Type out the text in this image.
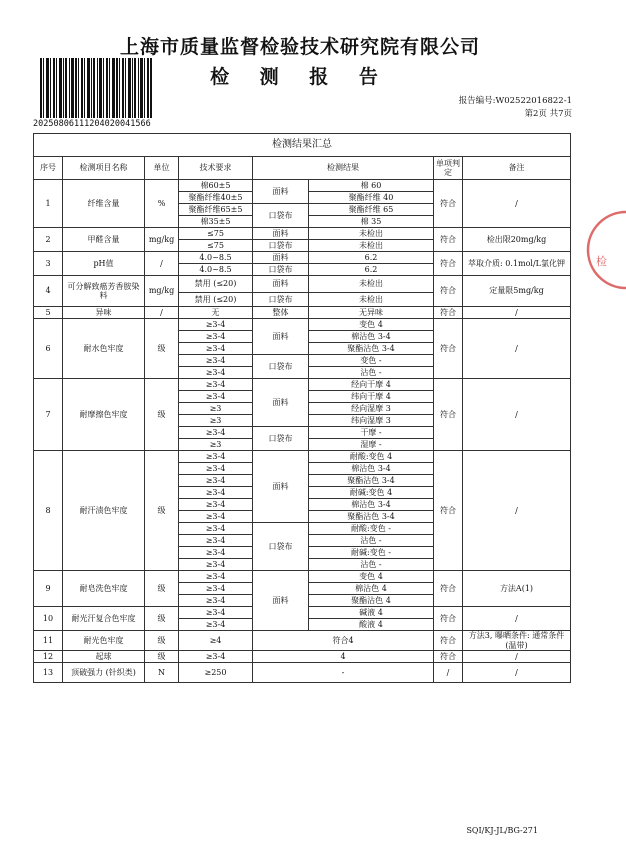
上海市质量监督检验技术研究院有限公司
检 测 报 告
20250806111204020041566
报告编号:W02522016822-1
第2页 共7页
检
检测结果汇总							
序号	检测项目名称	单位	技术要求	检测结果		单项判定	备注
1	纤维含量	%	棉60±5	面料	棉 60	符合	/
			聚酯纤维40±5		聚酯纤维 40		
			聚酯纤维65±5	口袋布	聚酯纤维 65		
			棉35±5		棉 35		
2	甲醛含量	mg/kg	≤75	面料	未检出	符合	检出限20mg/kg
			≤75	口袋布	未检出		
3	pH值	/	4.0~8.5	面料	6.2	符合	萃取介质: 0.1mol/L氯化钾
			4.0~8.5	口袋布	6.2		
4	可分解致癌芳香胺染料	mg/kg	禁用 (≤20)	面料	未检出	符合	定量限5mg/kg
			禁用 (≤20)	口袋布	未检出		
5	异味	/	无	整体	无异味	符合	/
6	耐水色牢度	级	≥3-4	面料	变色 4	符合	/
			≥3-4		棉沾色 3-4		
			≥3-4		聚酯沾色 3-4		
			≥3-4	口袋布	变色 -		
			≥3-4		沾色 -		
7	耐摩擦色牢度	级	≥3-4	面料	经向干摩 4	符合	/
			≥3-4		纬向干摩 4		
			≥3		经向湿摩 3		
			≥3		纬向湿摩 3		
			≥3-4	口袋布	干摩 -		
			≥3		湿摩 -		
8	耐汗渍色牢度	级	≥3-4	面料	耐酸:变色 4	符合	/
			≥3-4		棉沾色 3-4		
			≥3-4		聚酯沾色 3-4		
			≥3-4		耐碱:变色 4		
			≥3-4		棉沾色 3-4		
			≥3-4		聚酯沾色 3-4		
			≥3-4	口袋布	耐酸:变色 -		
			≥3-4		沾色 -		
			≥3-4		耐碱:变色 -		
			≥3-4		沾色 -		
9	耐皂洗色牢度	级	≥3-4	面料	变色 4	符合	方法A(1)
			≥3-4		棉沾色 4		
			≥3-4		聚酯沾色 4		
10	耐光汗复合色牢度	级	≥3-4		碱液 4	符合	/
			≥3-4		酸液 4		
11	耐光色牢度	级	≥4	符合4		符合	方法3, 曝晒条件: 通常条件 (温带)
12	起球	级	≥3-4	4		符合	/
13	顶破强力 (针织类)	N	≥250	-		/	/
SQI/KJ-JL/BG-271
